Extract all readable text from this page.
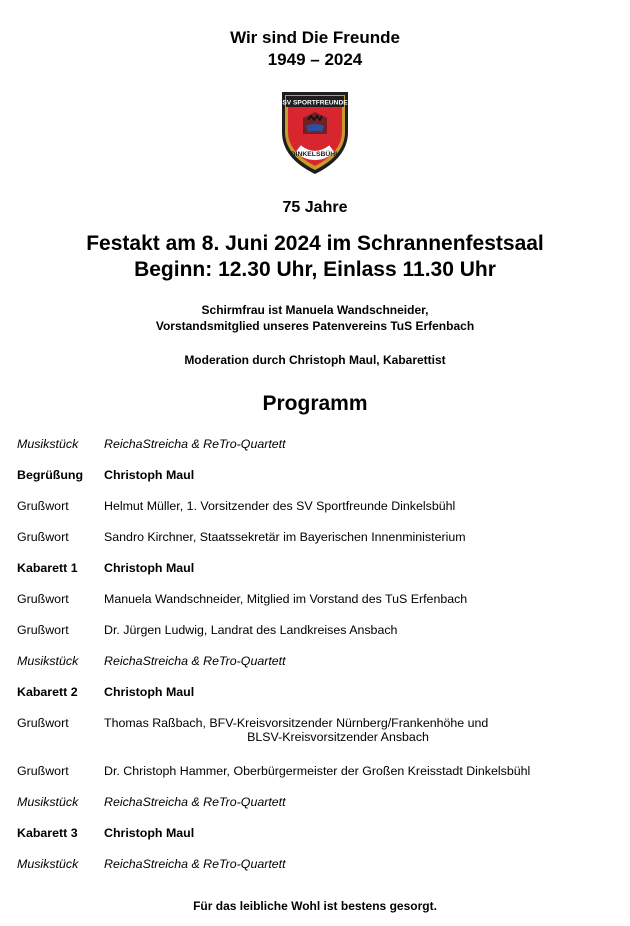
Wir sind Die Freunde
1949 – 2024
SV SPORTFREUNDE
DINKELSBÜHL
75 Jahre
Festakt am 8. Juni 2024 im Schrannenfestsaal
Beginn: 12.30 Uhr, Einlass 11.30 Uhr
Schirmfrau ist Manuela Wandschneider,
Vorstandsmitglied unseres Patenvereins TuS Erfenbach
Moderation durch Christoph Maul, Kabarettist
Programm
Musikstück	ReichaStreicha & ReTro-Quartett
Begrüßung	Christoph Maul
Grußwort	Helmut Müller, 1. Vorsitzender des SV Sportfreunde Dinkelsbühl
Grußwort	Sandro Kirchner, Staatssekretär im Bayerischen Innenministerium
Kabarett 1	Christoph Maul
Grußwort	Manuela Wandschneider, Mitglied im Vorstand des TuS Erfenbach
Grußwort	Dr. Jürgen Ludwig, Landrat des Landkreises Ansbach
Musikstück	ReichaStreicha & ReTro-Quartett
Kabarett 2	Christoph Maul
Grußwort	Thomas Raßbach, BFV-Kreisvorsitzender Nürnberg/Frankenhöhe und
BLSV-Kreisvorsitzender Ansbach
Grußwort	Dr. Christoph Hammer, Oberbürgermeister der Großen Kreisstadt Dinkelsbühl
Musikstück	ReichaStreicha & ReTro-Quartett
Kabarett 3	Christoph Maul
Musikstück	ReichaStreicha & ReTro-Quartett
Für das leibliche Wohl ist bestens gesorgt.
